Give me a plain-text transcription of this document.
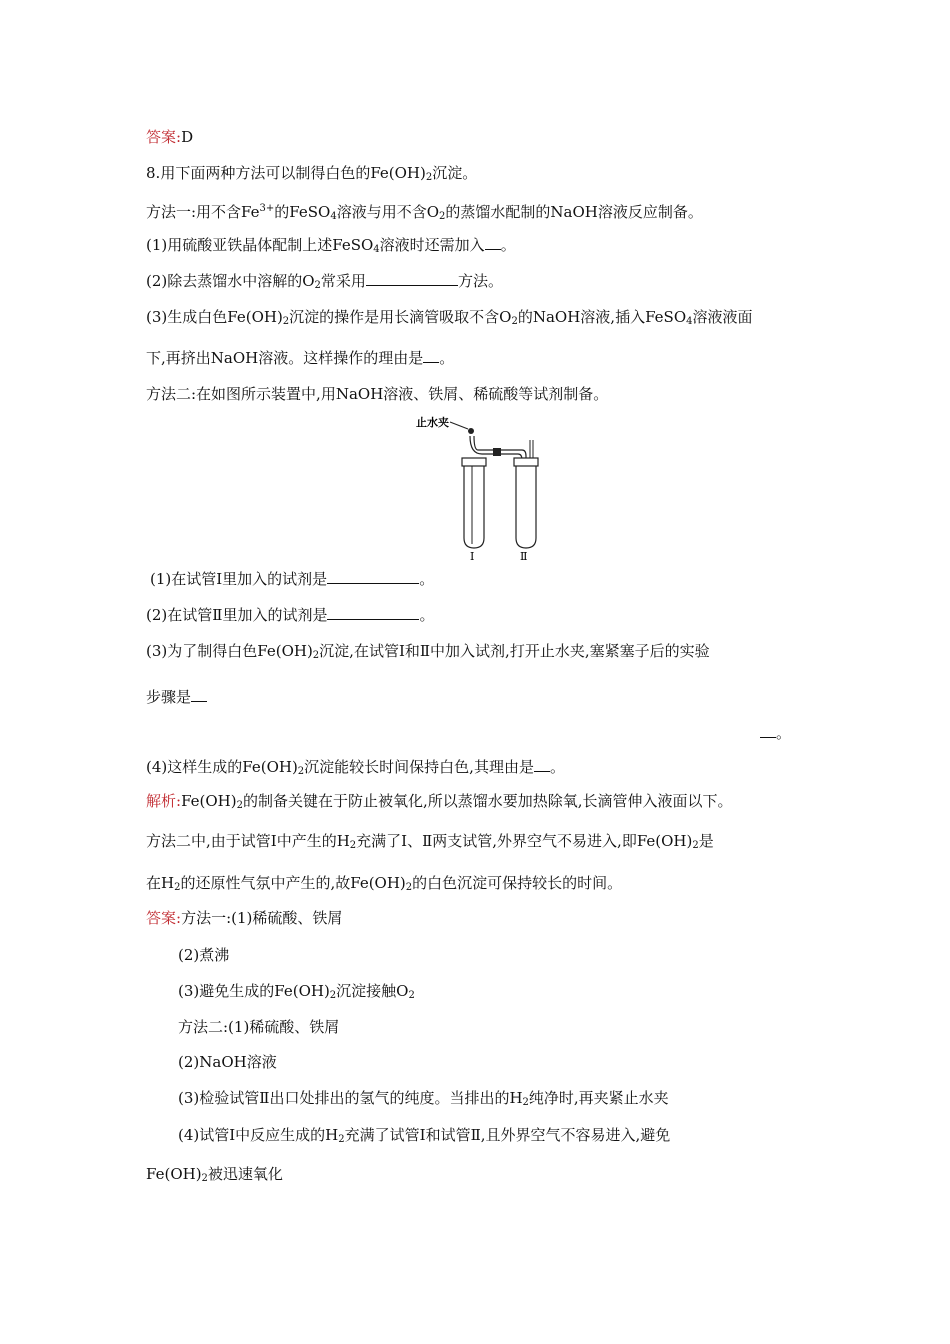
答案:D
8.用下面两种方法可以制得白色的$Fe(OH)_2$沉淀。
方法一:用不含$Fe^{3+}$的FeSO$_4$溶液与用不含$O_2$的蒸馏水配制的NaOH溶液反应制备。
(1)用硫酸亚铁晶体配制上述FeSO$_4$溶液时还需加入 。
(2)除去蒸馏水中溶解的$O_2$常采用	方法。
(3)生成白色$Fe(OH)_2$沉淀的操作是用长滴管吸取不含$O_2$的NaOH溶液,插入FeSO$_4$溶液液面
下,再挤出NaOH溶液。这样操作的理由是 。
方法二:在如图所示装置中,用NaOH溶液、铁屑、稀硫酸等试剂制备。
止水夹
Ⅰ	Ⅱ
(1)在试管Ⅰ里加入的试剂是	。
(2)在试管Ⅱ里加入的试剂是	。
(3)为了制得白色$Fe(OH)_2$沉淀,在试管Ⅰ和Ⅱ中加入试剂,打开止水夹,塞紧塞子后的实验
步骤是
。
(4)这样生成的$Fe(OH)_2$沉淀能较长时间保持白色,其理由是 。
解析$:Fe(OH)_2$的制备关键在于防止被氧化,所以蒸馏水要加热除氧,长滴管伸入液面以下。
方法二中,由于试管Ⅰ中产生的$H_2$充满了Ⅰ、Ⅱ两支试管,外界空气不易进入,即$Fe(OH)_2$是
在$H_2$的还原性气氛中产生的,故$Fe(OH)_2$的白色沉淀可保持较长的时间。
答案:方法一:(1)稀硫酸、铁屑
(2)煮沸
(3)避免生成的$Fe(OH)_2$沉淀接触$O_2$
方法二:(1)稀硫酸、铁屑
(2)NaOH溶液
(3)检验试管Ⅱ出口处排出的氢气的纯度。当排出的$H_2$纯净时,再夹紧止水夹
(4)试管Ⅰ中反应生成的$H_2$充满了试管Ⅰ和试管Ⅱ,且外界空气不容易进入,避免
$Fe(OH)_2$被迅速氧化
